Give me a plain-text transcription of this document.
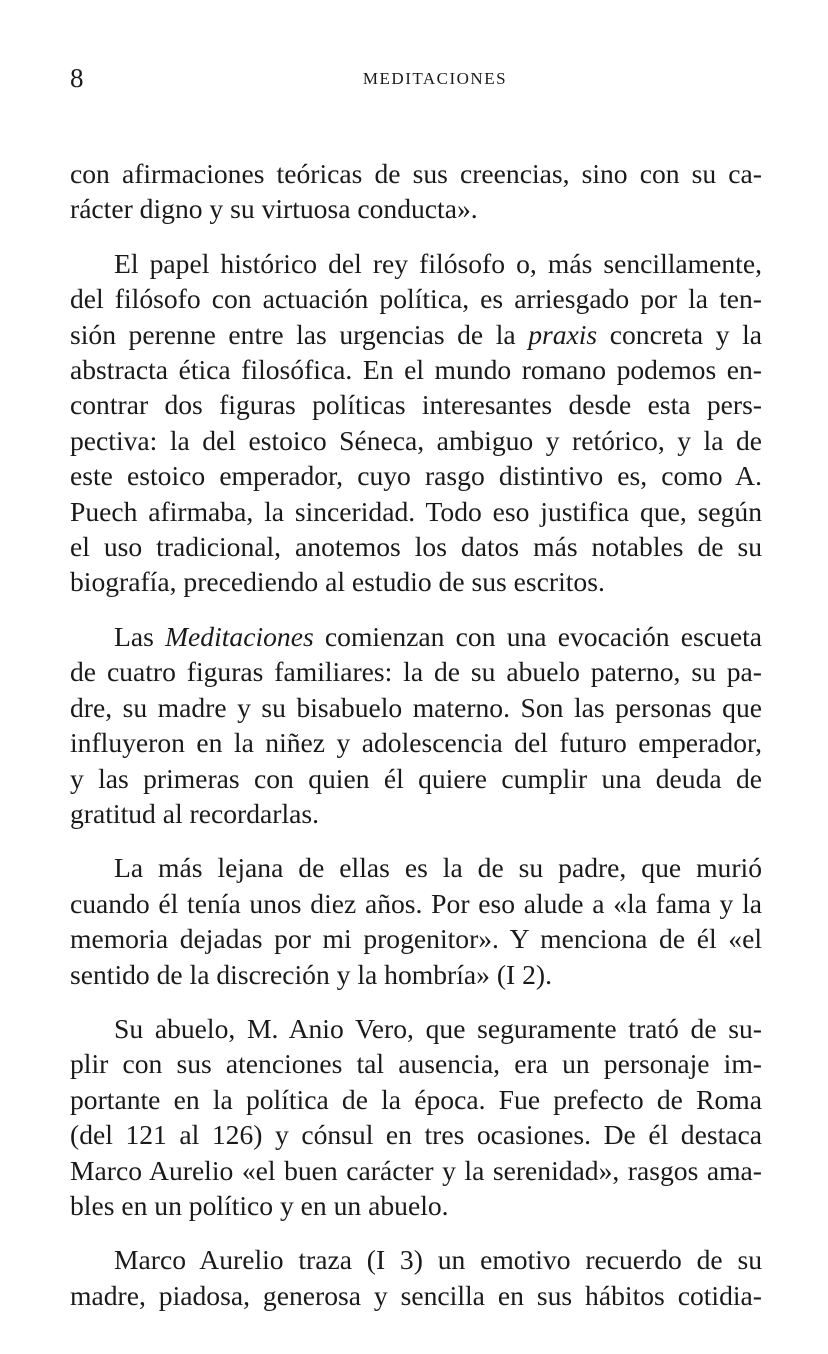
8	MEDITACIONES

con afirmaciones teóricas de sus creencias, sino con su ca-
rácter digno y su virtuosa conducta».

El papel histórico del rey filósofo o, más sencillamente,
del filósofo con actuación política, es arriesgado por la ten-
sión perenne entre las urgencias de la praxis concreta y la
abstracta ética filosófica. En el mundo romano podemos en-
contrar dos figuras políticas interesantes desde esta pers-
pectiva: la del estoico Séneca, ambiguo y retórico, y la de
este estoico emperador, cuyo rasgo distintivo es, como A.
Puech afirmaba, la sinceridad. Todo eso justifica que, según
el uso tradicional, anotemos los datos más notables de su
biografía, precediendo al estudio de sus escritos.

Las Meditaciones comienzan con una evocación escueta
de cuatro figuras familiares: la de su abuelo paterno, su pa-
dre, su madre y su bisabuelo materno. Son las personas que
influyeron en la niñez y adolescencia del futuro emperador,
y las primeras con quien él quiere cumplir una deuda de
gratitud al recordarlas.

La más lejana de ellas es la de su padre, que murió
cuando él tenía unos diez años. Por eso alude a «la fama y la
memoria dejadas por mi progenitor». Y menciona de él «el
sentido de la discreción y la hombría» (I 2).

Su abuelo, M. Anio Vero, que seguramente trató de su-
plir con sus atenciones tal ausencia, era un personaje im-
portante en la política de la época. Fue prefecto de Roma
(del 121 al 126) y cónsul en tres ocasiones. De él destaca
Marco Aurelio «el buen carácter y la serenidad», rasgos ama-
bles en un político y en un abuelo.

Marco Aurelio traza (I 3) un emotivo recuerdo de su
madre, piadosa, generosa y sencilla en sus hábitos cotidia-
